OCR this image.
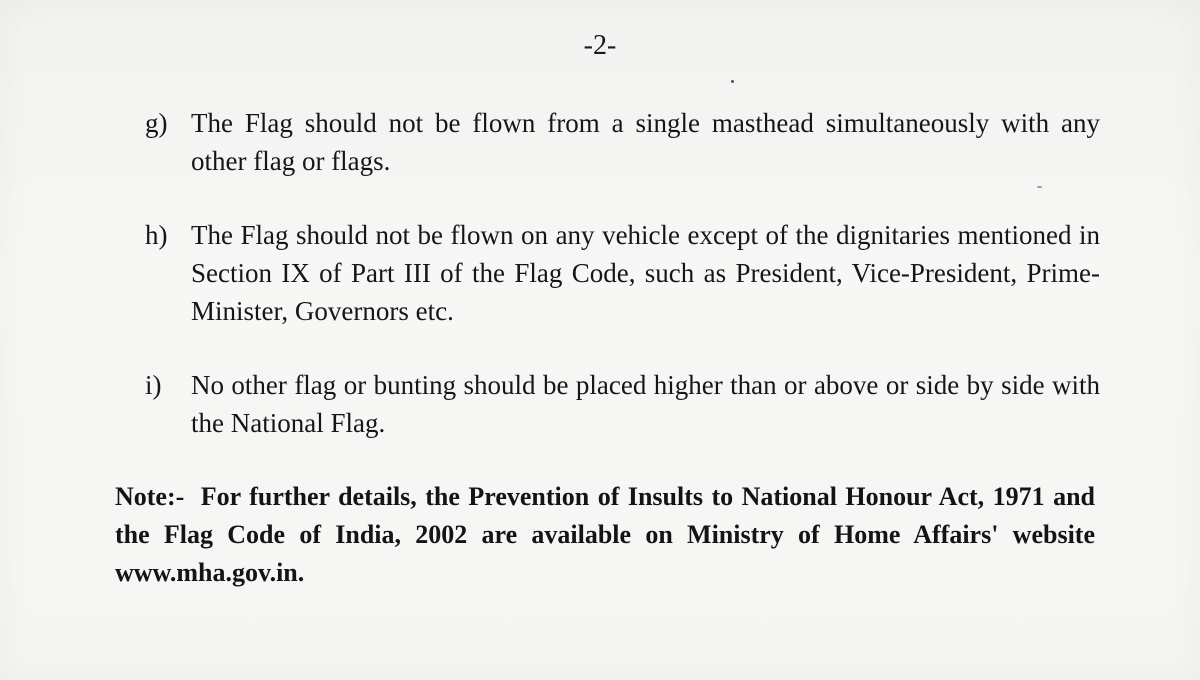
-2-
g) The Flag should not be flown from a single masthead simultaneously with any other flag or flags.
h) The Flag should not be flown on any vehicle except of the dignitaries mentioned in Section IX of Part III of the Flag Code, such as President, Vice-President, Prime-Minister, Governors etc.
i)	No other flag or bunting should be placed higher than or above or side by side with the National Flag.
Note:- For further details, the Prevention of Insults to National Honour Act, 1971 and the Flag Code of India, 2002 are available on Ministry of Home Affairs' website www.mha.gov.in.
